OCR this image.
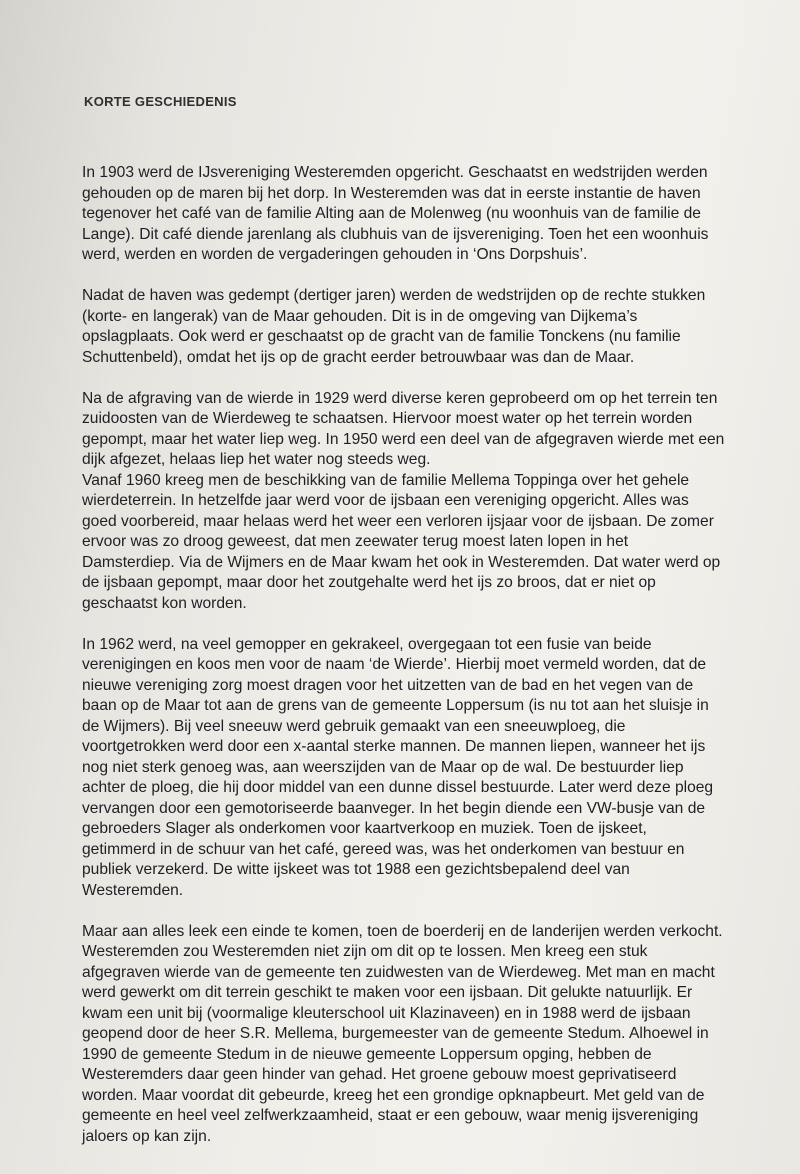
KORTE GESCHIEDENIS

In 1903 werd de IJsvereniging Westeremden opgericht. Geschaatst en wedstrijden werden
gehouden op de maren bij het dorp. In Westeremden was dat in eerste instantie de haven
tegenover het café van de familie Alting aan de Molenweg (nu woonhuis van de familie de
Lange). Dit café diende jarenlang als clubhuis van de ijsvereniging. Toen het een woonhuis
werd, werden en worden de vergaderingen gehouden in ‘Ons Dorpshuis’.

Nadat de haven was gedempt (dertiger jaren) werden de wedstrijden op de rechte stukken
(korte- en langerak) van de Maar gehouden. Dit is in de omgeving van Dijkema’s
opslagplaats. Ook werd er geschaatst op de gracht van de familie Tonckens (nu familie
Schuttenbeld), omdat het ijs op de gracht eerder betrouwbaar was dan de Maar.

Na de afgraving van de wierde in 1929 werd diverse keren geprobeerd om op het terrein ten
zuidoosten van de Wierdeweg te schaatsen. Hiervoor moest water op het terrein worden
gepompt, maar het water liep weg. In 1950 werd een deel van de afgegraven wierde met een
dijk afgezet, helaas liep het water nog steeds weg.

Vanaf 1960 kreeg men de beschikking van de familie Mellema Toppinga over het gehele
wierdeterrein. In hetzelfde jaar werd voor de ijsbaan een vereniging opgericht. Alles was
goed voorbereid, maar helaas werd het weer een verloren ijsjaar voor de ijsbaan. De zomer
ervoor was zo droog geweest, dat men zeewater terug moest laten lopen in het
Damsterdiep. Via de Wijmers en de Maar kwam het ook in Westeremden. Dat water werd op
de ijsbaan gepompt, maar door het zoutgehalte werd het ijs zo broos, dat er niet op
geschaatst kon worden.

In 1962 werd, na veel gemopper en gekrakeel, overgegaan tot een fusie van beide
verenigingen en koos men voor de naam ‘de Wierde’. Hierbij moet vermeld worden, dat de
nieuwe vereniging zorg moest dragen voor het uitzetten van de bad en het vegen van de
baan op de Maar tot aan de grens van de gemeente Loppersum (is nu tot aan het sluisje in
de Wijmers). Bij veel sneeuw werd gebruik gemaakt van een sneeuwploeg, die
voortgetrokken werd door een x-aantal sterke mannen. De mannen liepen, wanneer het ijs
nog niet sterk genoeg was, aan weerszijden van de Maar op de wal. De bestuurder liep
achter de ploeg, die hij door middel van een dunne dissel bestuurde. Later werd deze ploeg
vervangen door een gemotoriseerde baanveger. In het begin diende een VW-busje van de
gebroeders Slager als onderkomen voor kaartverkoop en muziek. Toen de ijskeet,
getimmerd in de schuur van het café, gereed was, was het onderkomen van bestuur en
publiek verzekerd. De witte ijskeet was tot 1988 een gezichtsbepalend deel van
Westeremden.

Maar aan alles leek een einde te komen, toen de boerderij en de landerijen werden verkocht.
Westeremden zou Westeremden niet zijn om dit op te lossen. Men kreeg een stuk
afgegraven wierde van de gemeente ten zuidwesten van de Wierdeweg. Met man en macht
werd gewerkt om dit terrein geschikt te maken voor een ijsbaan. Dit gelukte natuurlijk. Er
kwam een unit bij (voormalige kleuterschool uit Klazinaveen) en in 1988 werd de ijsbaan
geopend door de heer S.R. Mellema, burgemeester van de gemeente Stedum. Alhoewel in
1990 de gemeente Stedum in de nieuwe gemeente Loppersum opging, hebben de
Westeremders daar geen hinder van gehad. Het groene gebouw moest geprivatiseerd
worden. Maar voordat dit gebeurde, kreeg het een grondige opknapbeurt. Met geld van de
gemeente en heel veel zelfwerkzaamheid, staat er een gebouw, waar menig ijsvereniging
jaloers op kan zijn.
